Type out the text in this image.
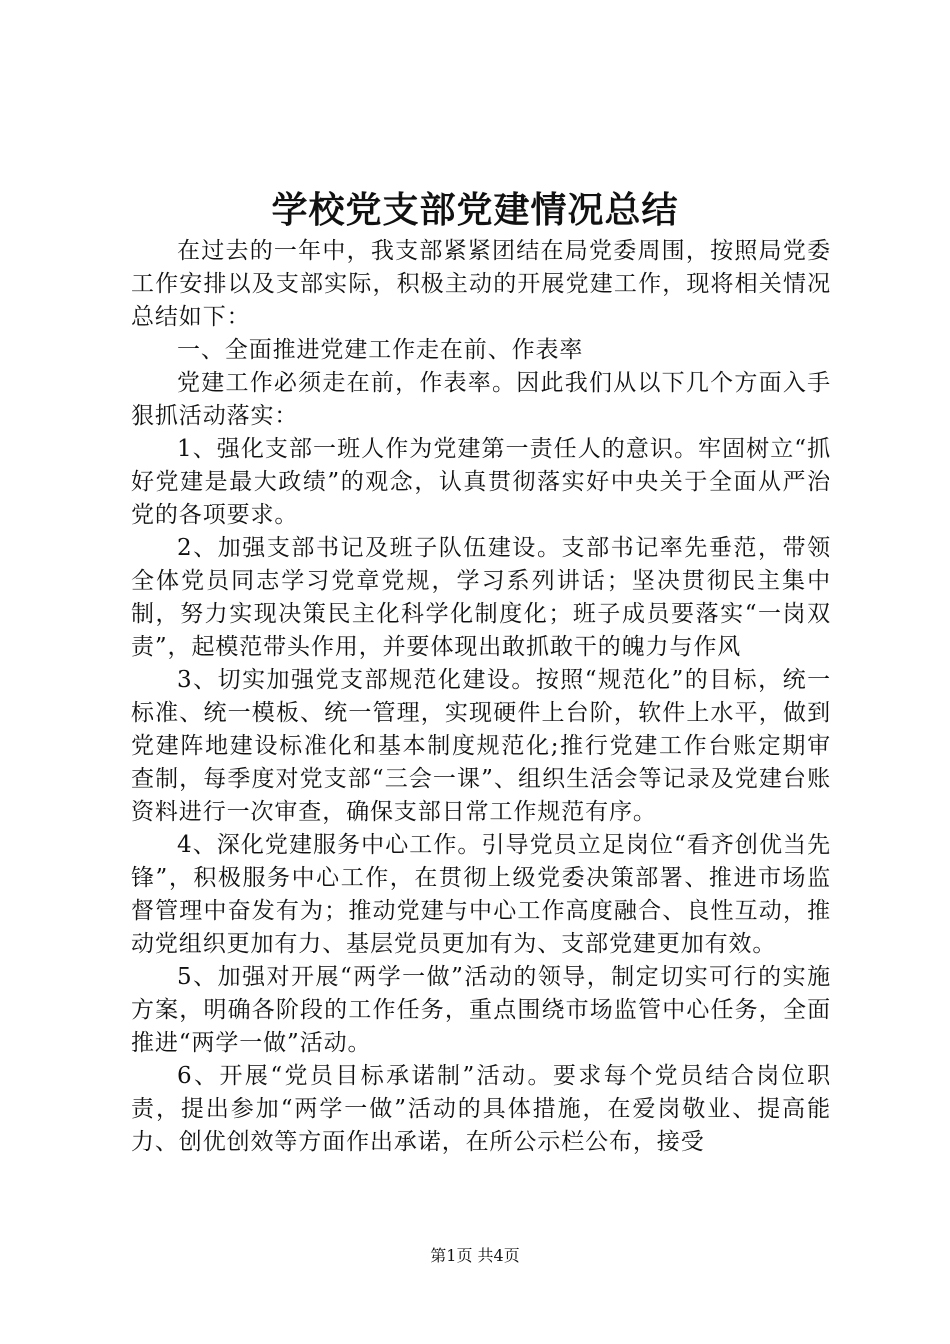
学校党支部党建情况总结

在过去的一年中，我支部紧紧团结在局党委周围，按照局党委工作安排以及支部实际，积极主动的开展党建工作，现将相关情况总结如下：

一、全面推进党建工作走在前、作表率

党建工作必须走在前，作表率。因此我们从以下几个方面入手狠抓活动落实：

1、强化支部一班人作为党建第一责任人的意识。牢固树立“抓好党建是最大政绩”的观念，认真贯彻落实好中央关于全面从严治党的各项要求。

2、加强支部书记及班子队伍建设。支部书记率先垂范，带领全体党员同志学习党章党规，学习系列讲话；坚决贯彻民主集中制，努力实现决策民主化科学化制度化；班子成员要落实“一岗双责”，起模范带头作用，并要体现出敢抓敢干的魄力与作风

3、切实加强党支部规范化建设。按照“规范化”的目标，统一标准、统一模板、统一管理，实现硬件上台阶，软件上水平，做到党建阵地建设标准化和基本制度规范化;推行党建工作台账定期审查制，每季度对党支部“三会一课”、组织生活会等记录及党建台账资料进行一次审查，确保支部日常工作规范有序。

4、深化党建服务中心工作。引导党员立足岗位“看齐创优当先锋”，积极服务中心工作，在贯彻上级党委决策部署、推进市场监督管理中奋发有为；推动党建与中心工作高度融合、良性互动，推动党组织更加有力、基层党员更加有为、支部党建更加有效。

5、加强对开展“两学一做”活动的领导，制定切实可行的实施方案，明确各阶段的工作任务，重点围绕市场监管中心任务，全面推进“两学一做”活动。

6、开展“党员目标承诺制”活动。要求每个党员结合岗位职责，提出参加“两学一做”活动的具体措施，在爱岗敬业、提高能力、创优创效等方面作出承诺，在所公示栏公布，接受

第1页 共4页
